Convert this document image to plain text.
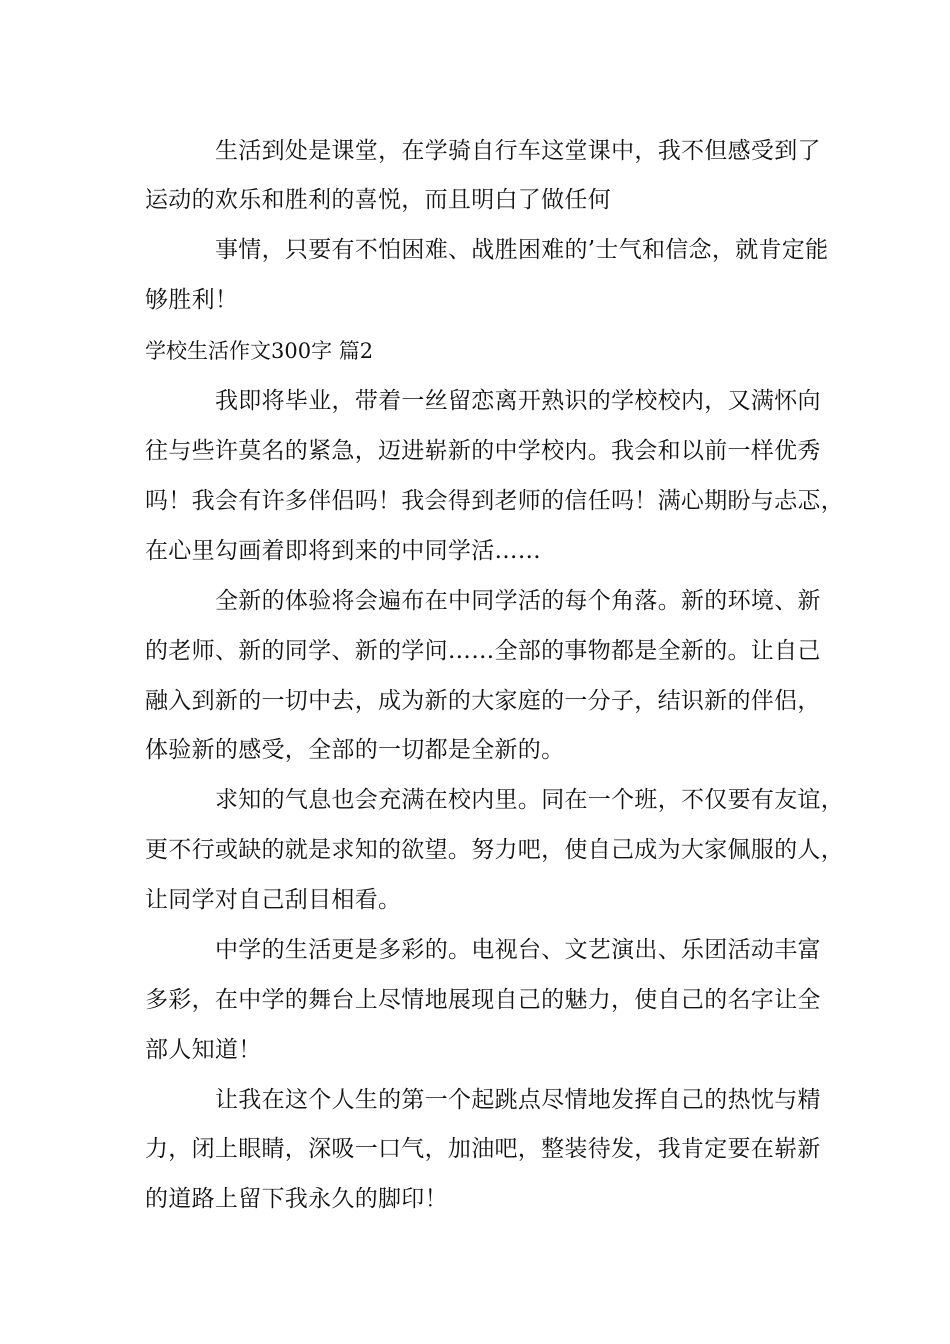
生活到处是课堂，在学骑自行车这堂课中，我不但感受到了
运动的欢乐和胜利的喜悦，而且明白了做任何
事情，只要有不怕困难、战胜困难的’士气和信念，就肯定能
够胜利！
学校生活作文300字 篇2
我即将毕业，带着一丝留恋离开熟识的学校校内，又满怀向
往与些许莫名的紧急，迈进崭新的中学校内。我会和以前一样优秀
吗！我会有许多伴侣吗！我会得到老师的信任吗！满心期盼与忐忑，
在心里勾画着即将到来的中同学活……
全新的体验将会遍布在中同学活的每个角落。新的环境、新
的老师、新的同学、新的学问……全部的事物都是全新的。让自己
融入到新的一切中去，成为新的大家庭的一分子，结识新的伴侣，
体验新的感受，全部的一切都是全新的。
求知的气息也会充满在校内里。同在一个班，不仅要有友谊，
更不行或缺的就是求知的欲望。努力吧，使自己成为大家佩服的人，
让同学对自己刮目相看。
中学的生活更是多彩的。电视台、文艺演出、乐团活动丰富
多彩，在中学的舞台上尽情地展现自己的魅力，使自己的名字让全
部人知道！
让我在这个人生的第一个起跳点尽情地发挥自己的热忱与精
力，闭上眼睛，深吸一口气，加油吧，整装待发，我肯定要在崭新
的道路上留下我永久的脚印！
